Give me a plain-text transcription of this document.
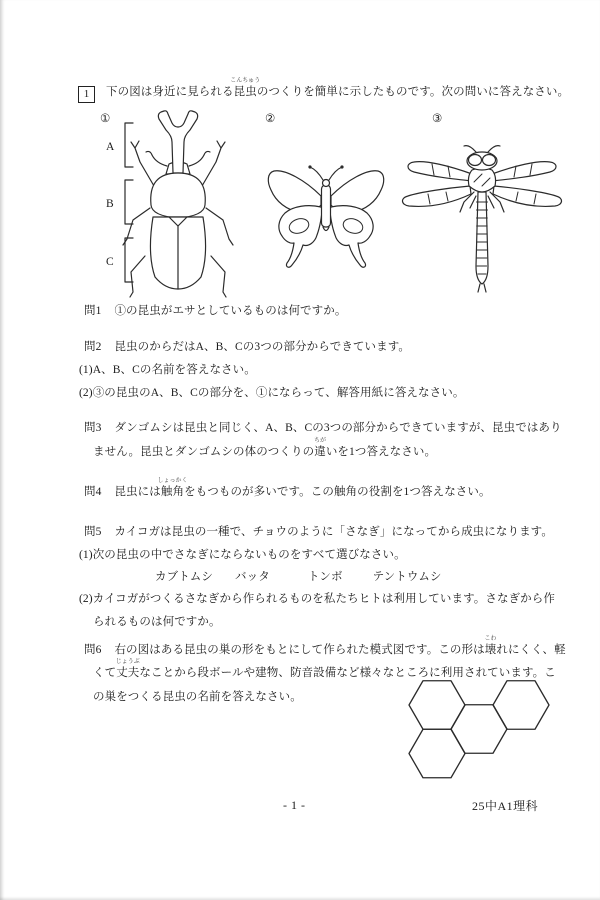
1 下の図は身近に見られる昆虫
こんちゅう
のつくりを簡単に示したものです。次の問いに答えなさい。
①
A
B
C
②	③
問1 ①の昆虫がエサとしているものは何ですか。
問2 昆虫のからだはA、B、Cの3つの部分からできています。
(1)A、B、Cの名前を答えなさい。
(2)③の昆虫のA、B、Cの部分を、①にならって、解答用紙に答えなさい。
問3 ダンゴムシは昆虫と同じく、A、B、Cの3つの部分からできていますが、昆虫ではあり
ません。昆虫とダンゴムシの体のつくりの違
ちが
いを1つ答えなさい。
問4 昆虫には触角
しょっかく
をもつものが多いです。この触角の役割を1つ答えなさい。
問5 カイコガは昆虫の一種で、チョウのように「さなぎ」になってから成虫になります。
(1)次の昆虫の中でさなぎにならないものをすべて選びなさい。
カブトムシ バッタ	トンボ	テントウムシ
(2)カイコガがつくるさなぎから作られるものを私たちヒトは利用しています。さなぎから作
られるものは何ですか。
問6 右の図はある昆虫の巣の形をもとにして作られた模式図です。この形は壊
こわ
れにくく、軽
くて丈夫
じょうぶ
なことから段ボールや建物、防音設備など様々なところに利用されています。こ
の巣をつくる昆虫の名前を答えなさい。
- 1 -	25中A1理科
